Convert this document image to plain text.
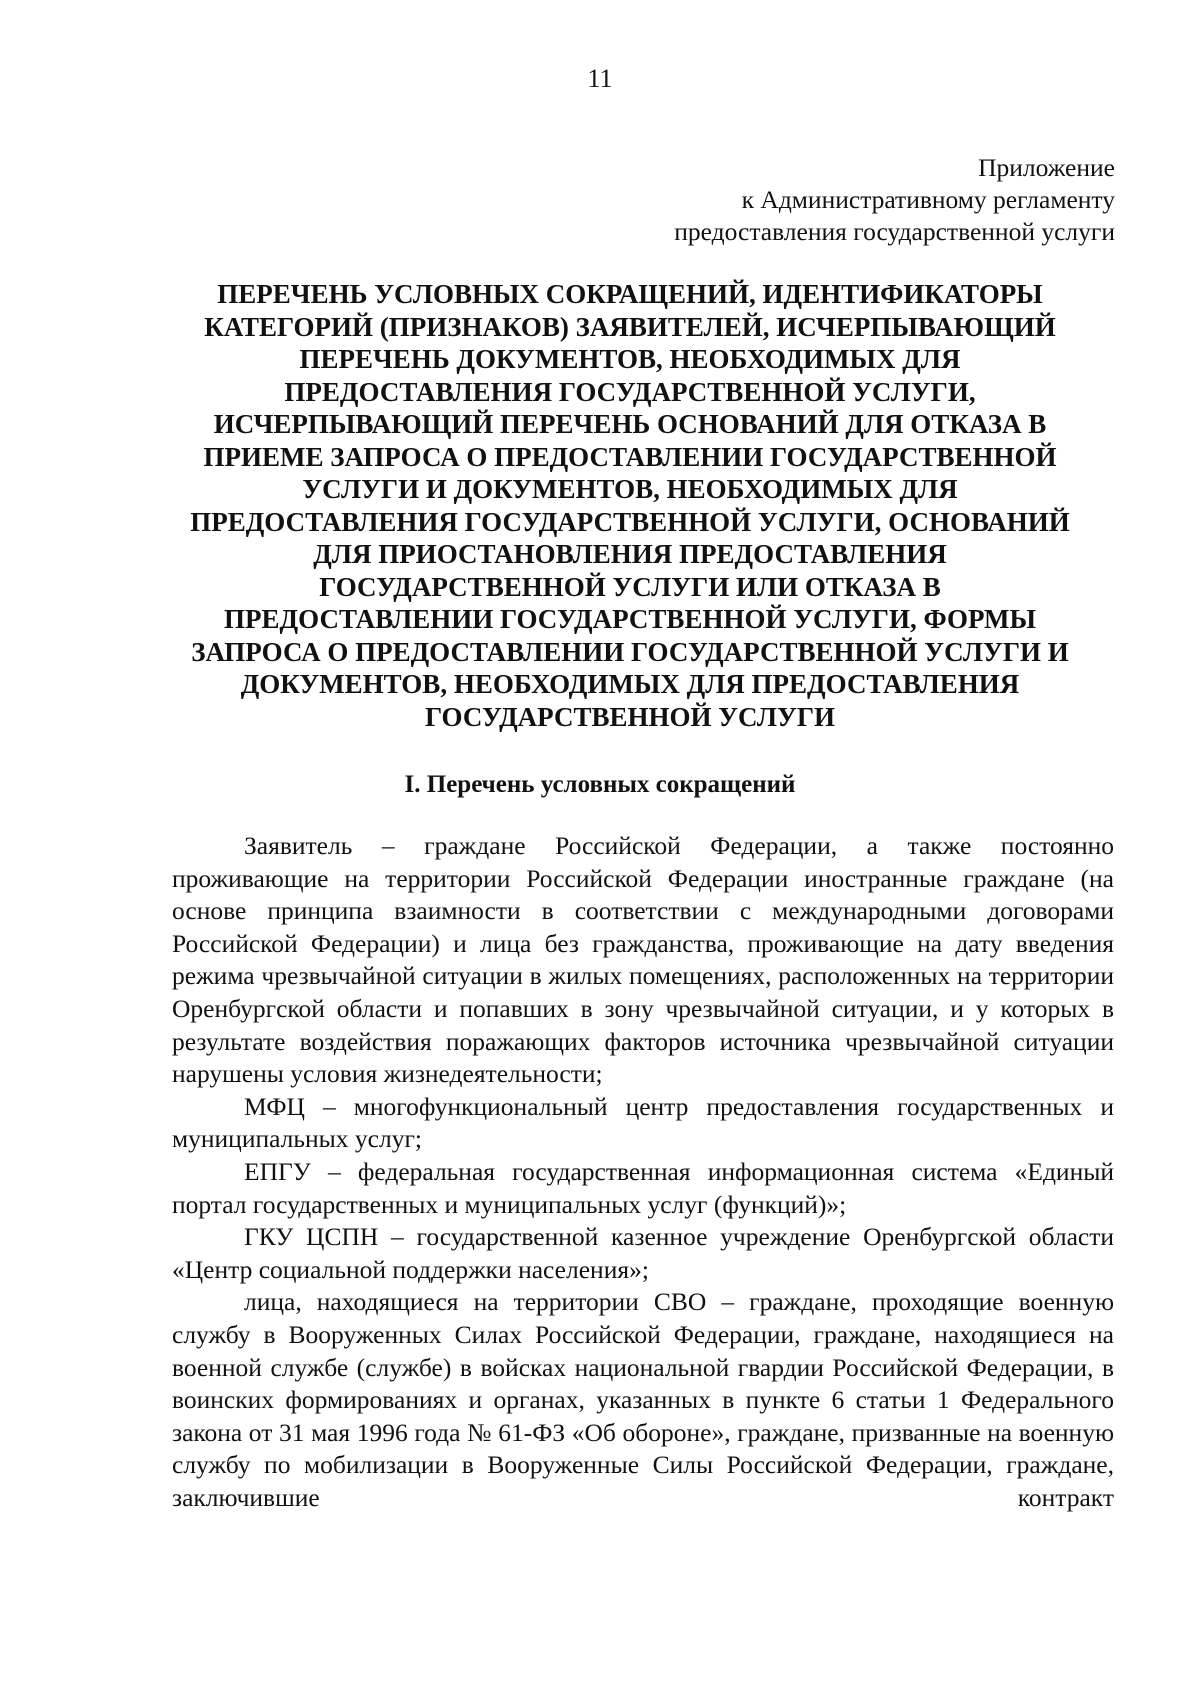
11
Приложение
к Административному регламенту
предоставления государственной услуги
ПЕРЕЧЕНЬ УСЛОВНЫХ СОКРАЩЕНИЙ, ИДЕНТИФИКАТОРЫ
КАТЕГОРИЙ (ПРИЗНАКОВ) ЗАЯВИТЕЛЕЙ, ИСЧЕРПЫВАЮЩИЙ
ПЕРЕЧЕНЬ ДОКУМЕНТОВ, НЕОБХОДИМЫХ ДЛЯ
ПРЕДОСТАВЛЕНИЯ ГОСУДАРСТВЕННОЙ УСЛУГИ,
ИСЧЕРПЫВАЮЩИЙ ПЕРЕЧЕНЬ ОСНОВАНИЙ ДЛЯ ОТКАЗА В
ПРИЕМЕ ЗАПРОСА О ПРЕДОСТАВЛЕНИИ ГОСУДАРСТВЕННОЙ
УСЛУГИ И ДОКУМЕНТОВ, НЕОБХОДИМЫХ ДЛЯ
ПРЕДОСТАВЛЕНИЯ ГОСУДАРСТВЕННОЙ УСЛУГИ, ОСНОВАНИЙ
ДЛЯ ПРИОСТАНОВЛЕНИЯ ПРЕДОСТАВЛЕНИЯ
ГОСУДАРСТВЕННОЙ УСЛУГИ ИЛИ ОТКАЗА В
ПРЕДОСТАВЛЕНИИ ГОСУДАРСТВЕННОЙ УСЛУГИ, ФОРМЫ
ЗАПРОСА О ПРЕДОСТАВЛЕНИИ ГОСУДАРСТВЕННОЙ УСЛУГИ И
ДОКУМЕНТОВ, НЕОБХОДИМЫХ ДЛЯ ПРЕДОСТАВЛЕНИЯ
ГОСУДАРСТВЕННОЙ УСЛУГИ
I. Перечень условных сокращений

Заявитель – граждане Российской Федерации, а также постоянно проживающие на территории Российской Федерации иностранные граждане (на основе принципа взаимности в соответствии с международными договорами Российской Федерации) и лица без гражданства, проживающие на дату введения режима чрезвычайной ситуации в жилых помещениях, расположенных на территории Оренбургской области и попавших в зону чрезвычайной ситуации, и у которых в результате воздействия поражающих факторов источника чрезвычайной ситуации нарушены условия жизнедеятельности;

МФЦ – многофункциональный центр предоставления государственных и муниципальных услуг;

ЕПГУ – федеральная государственная информационная система «Единый портал государственных и муниципальных услуг (функций)»;

ГКУ ЦСПН – государственной казенное учреждение Оренбургской области «Центр социальной поддержки населения»;

лица, находящиеся на территории СВО – граждане, проходящие военную службу в Вооруженных Силах Российской Федерации, граждане, находящиеся на военной службе (службе) в войсках национальной гвардии Российской Федерации, в воинских формированиях и органах, указанных в пункте 6 статьи 1 Федерального закона от 31 мая 1996 года № 61-ФЗ «Об обороне», граждане, призванные на военную службу по мобилизации в Вооруженные Силы Российской Федерации, граждане, заключившие контракт
